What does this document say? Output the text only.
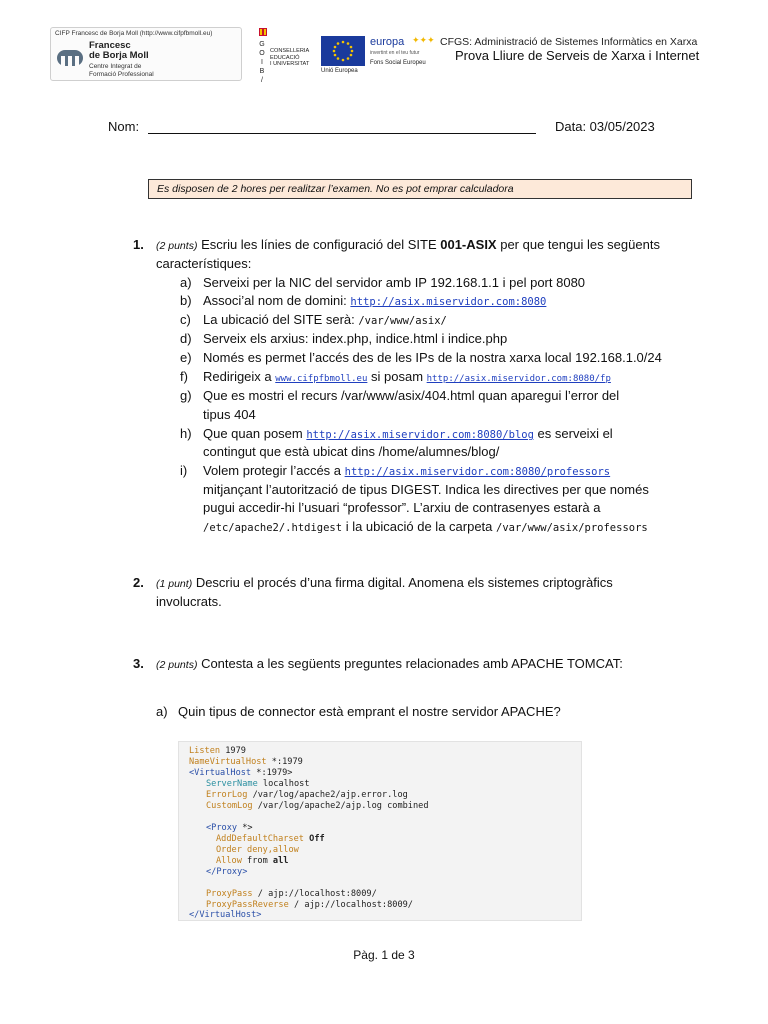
CIFP Francesc de Borja Moll (http://www.cifpfbmoll.eu)
Francesc
de Borja Moll
Centre Integrat de
Formació Professional
G
O
I
B
/
CONSELLERIA
EDUCACIÓ
I UNIVERSITAT
Unió Europea
europa ✦✦✦
invertint en el teu futur
Fons Social Europeu
CFGS: Administració de Sistemes Informàtics en Xarxa
Prova Lliure de Serveis de Xarxa i Internet
Nom:	Data: 03/05/2023
Es disposen de 2 hores per realitzar l’examen. No es pot emprar calculadora
1. (2 punts) Escriu les línies de configuració del SITE 001-ASIX per que tengui les següents
característiques:
a) Serveixi per la NIC del servidor amb IP 192.168.1.1 i pel port 8080
b) Associ’al nom de domini: http://asix.miservidor.com:8080
c) La ubicació del SITE serà: /var/www/asix/
d) Serveix els arxius: index.php, indice.html i indice.php
e) Només es permet l’accés des de les IPs de la nostra xarxa local 192.168.1.0/24
f) Redirigeix a www.cifpfbmoll.eu si posam http://asix.miservidor.com:8080/fp
g) Que es mostri el recurs /var/www/asix/404.html quan aparegui l’error del
tipus 404
h) Que quan posem http://asix.miservidor.com:8080/blog es serveixi el
contingut que està ubicat dins /home/alumnes/blog/
i) Volem protegir l’accés a http://asix.miservidor.com:8080/professors
mitjançant l’autorització de tipus DIGEST. Indica les directives per que només
pugui accedir-hi l’usuari “professor”. L’arxiu de contrasenyes estarà a
/etc/apache2/.htdigest i la ubicació de la carpeta /var/www/asix/professors
2. (1 punt) Descriu el procés d’una firma digital. Anomena els sistemes criptogràfics
involucrats.
3. (2 punts) Contesta a les següents preguntes relacionades amb APACHE TOMCAT:
a) Quin tipus de connector està emprant el nostre servidor APACHE?
Listen 1979
NameVirtualHost *:1979
<VirtualHost *:1979>
ServerName localhost
ErrorLog /var/log/apache2/ajp.error.log
CustomLog /var/log/apache2/ajp.log combined
<Proxy *>
AddDefaultCharset Off
Order deny,allow
Allow from all
</Proxy>
ProxyPass / ajp://localhost:8009/
ProxyPassReverse / ajp://localhost:8009/
</VirtualHost>
Pàg. 1 de 3
